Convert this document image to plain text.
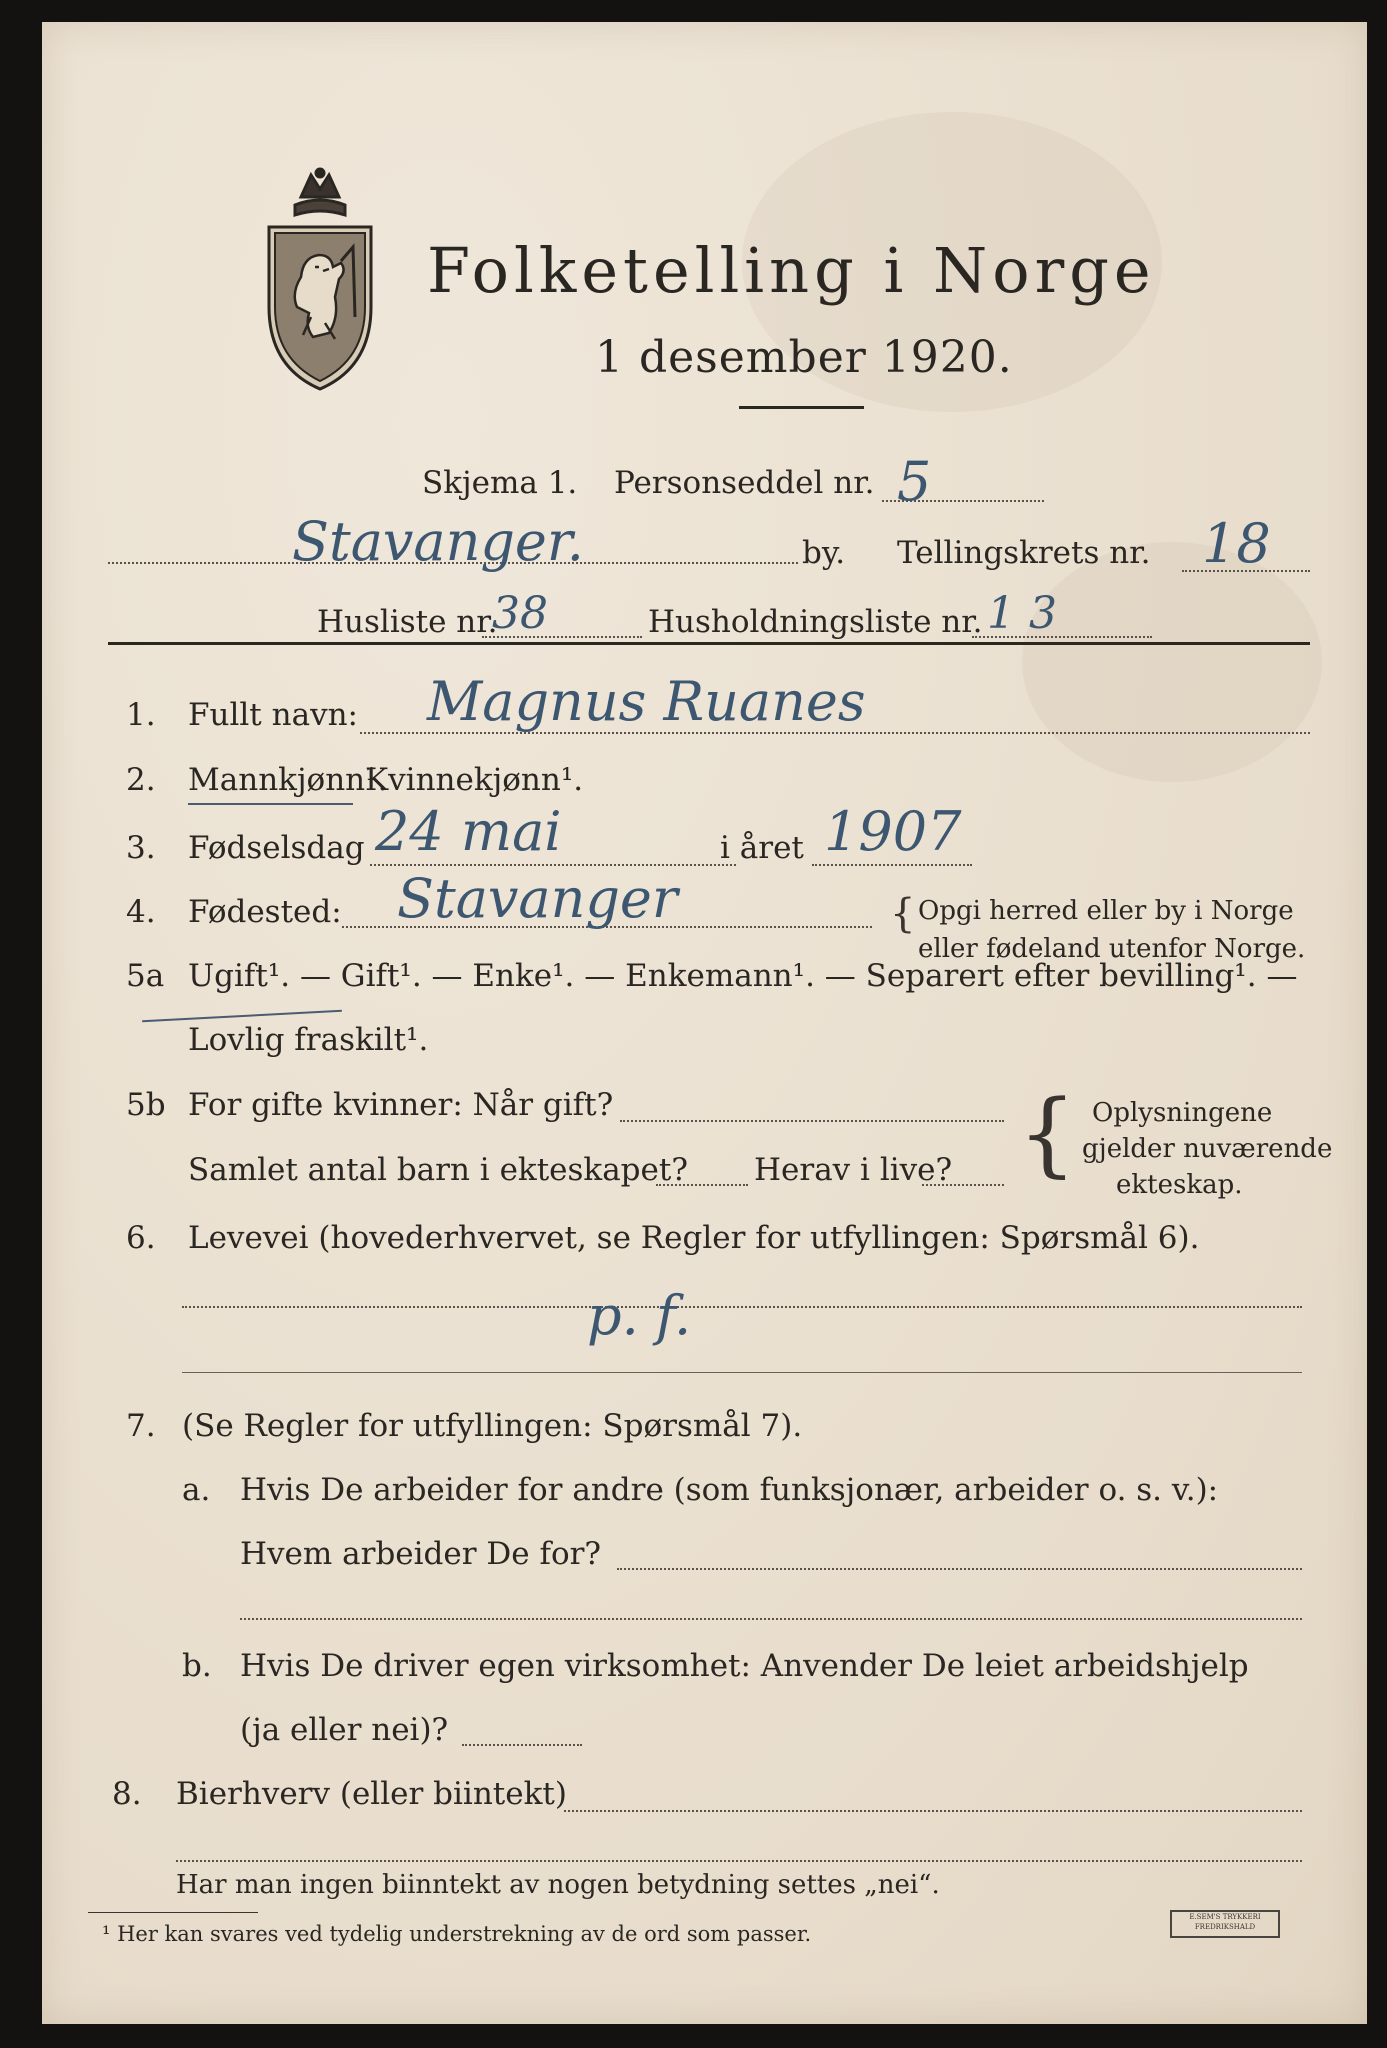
Folketelling i Norge
1 desember 1920.
Skjema 1. Personseddel nr. 5
Stavanger.	by. Tellingskrets nr. 18
Husliste nr.
38	Husholdningsliste nr. 1 3
1. Fullt navn: Magnus Ruanes
2. Mannkjønn¹.
Kvinnekjønn¹.
3. Fødselsdag 24 mai	i året 1907
4. Fødested: Stavanger	{ Opgi herred eller by i Norge
eller fødeland utenfor Norge.
5a Ugift¹. — Gift¹. — Enke¹. — Enkemann¹. — Separert efter bevilling¹. —
Lovlig fraskilt¹.
5b For gifte kvinner: Når gift?
Samlet antal barn i ekteskapet? Herav i live? { Oplysningene
gjelder nuværende
ekteskap.
6. Levevei (hovederhvervet, se Regler for utfyllingen: Spørsmål 6).
p. f.
7. (Se Regler for utfyllingen: Spørsmål 7).
a. Hvis De arbeider for andre (som funksjonær, arbeider o. s. v.):
Hvem arbeider De for?
b. Hvis De driver egen virksomhet: Anvender De leiet arbeidshjelp
(ja eller nei)?
8. Bierhverv (eller biintekt)
Har man ingen biinntekt av nogen betydning settes „nei“.
¹ Her kan svares ved tydelig understrekning av de ord som passer.
E.SEM'S TRYKKERI FREDRIKSHALD
